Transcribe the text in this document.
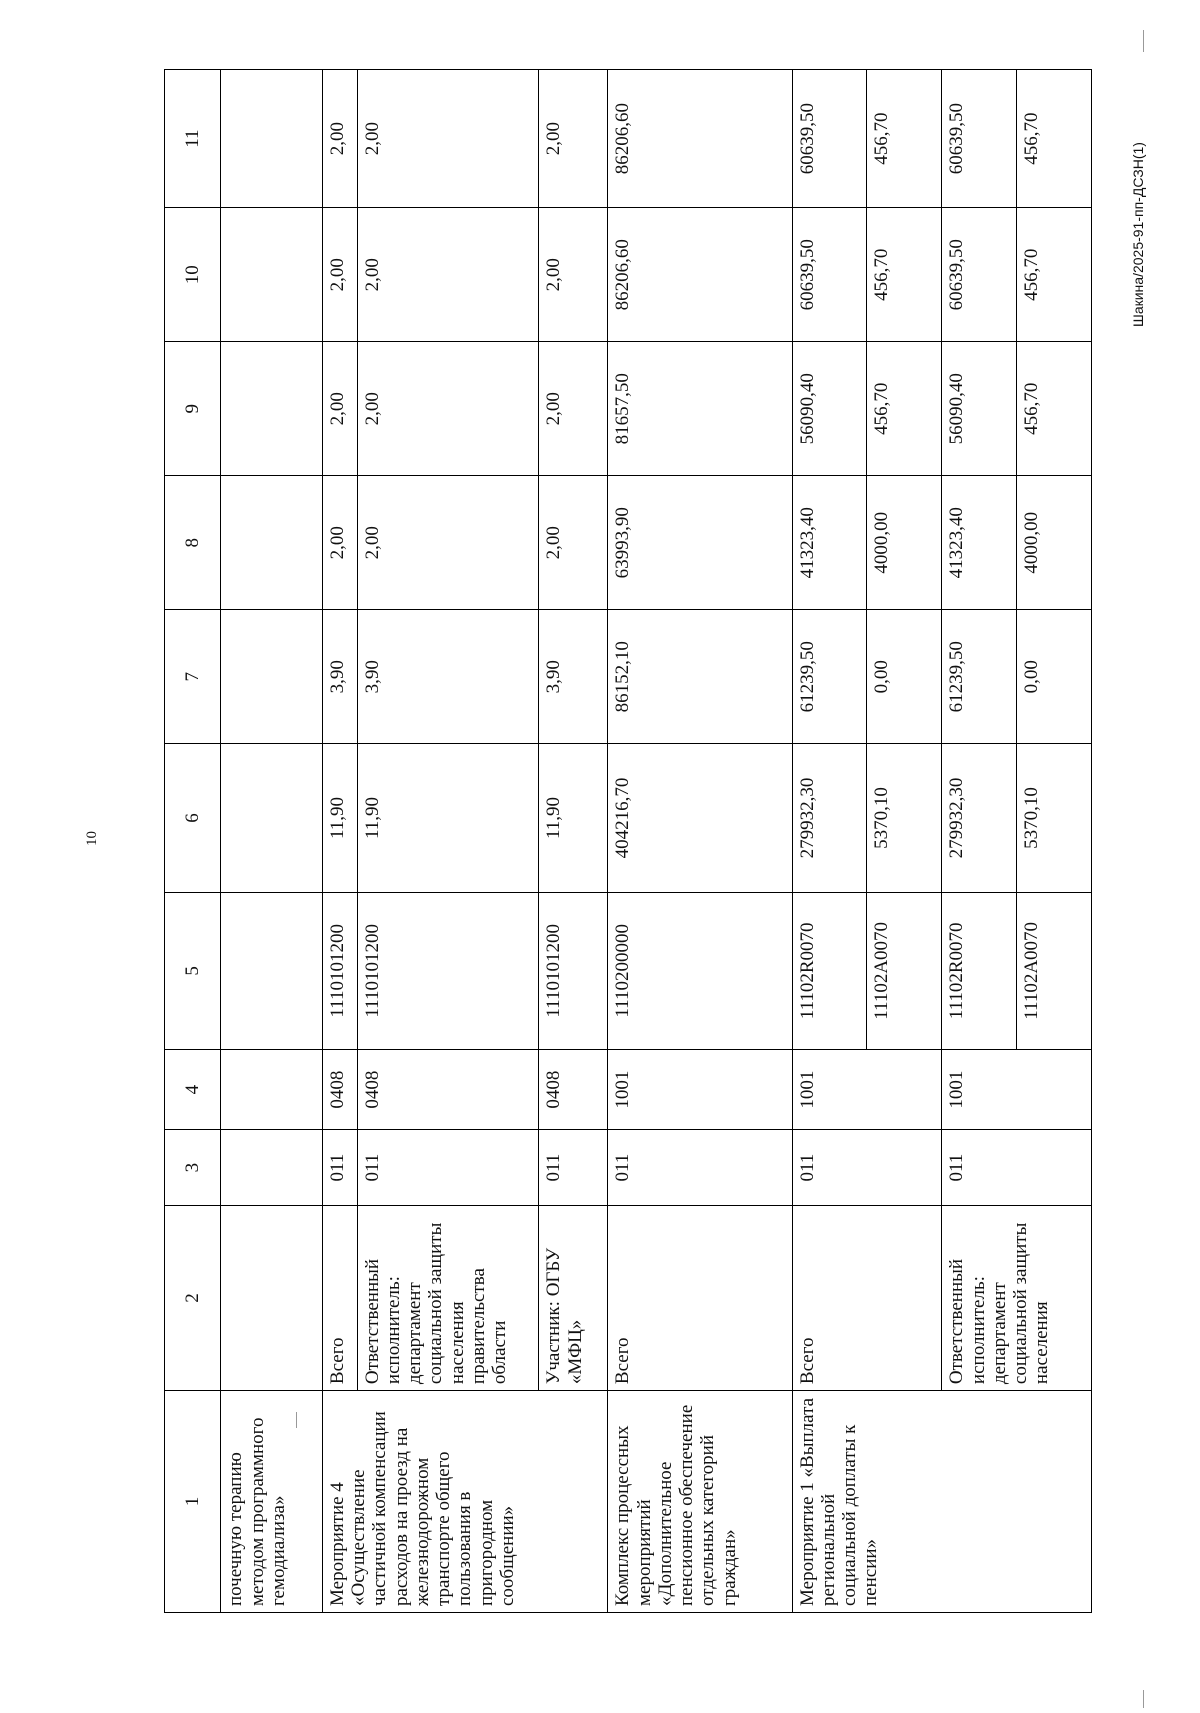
10
Шакина/2025-91-пп-ДСЗН(1)
1	2	3	4	5	6	7	8	9	10	11
почечную терапию методом программного гемодиализа»										
Мероприятие 4 «Осуществление частичной компенсации расходов на проезд на железнодорожном транспорте общего пользования в пригородном сообщении»	Всего	011	0408	1110101200	11,90	3,90	2,00	2,00	2,00	2,00
	Ответственный исполнитель: департамент социальной защиты населения правительства области	011	0408	1110101200	11,90	3,90	2,00	2,00	2,00	2,00
	Участник: ОГБУ «МФЦ»	011	0408	1110101200	11,90	3,90	2,00	2,00	2,00	2,00
Комплекс процессных мероприятий «Дополнительное пенсионное обеспечение отдельных категорий граждан»	Всего	011	1001	1110200000	404216,70	86152,10	63993,90	81657,50	86206,60	86206,60
Мероприятие 1 «Выплата региональной социальной доплаты к пенсии»	Всего	011	1001	11102R0070	279932,30	61239,50	41323,40	56090,40	60639,50	60639,50
				11102A0070	5370,10	0,00	4000,00	456,70	456,70	456,70
	Ответственный исполнитель: департамент социальной защиты населения	011	1001	11102R0070	279932,30	61239,50	41323,40	56090,40	60639,50	60639,50
				11102A0070	5370,10	0,00	4000,00	456,70	456,70	456,70
